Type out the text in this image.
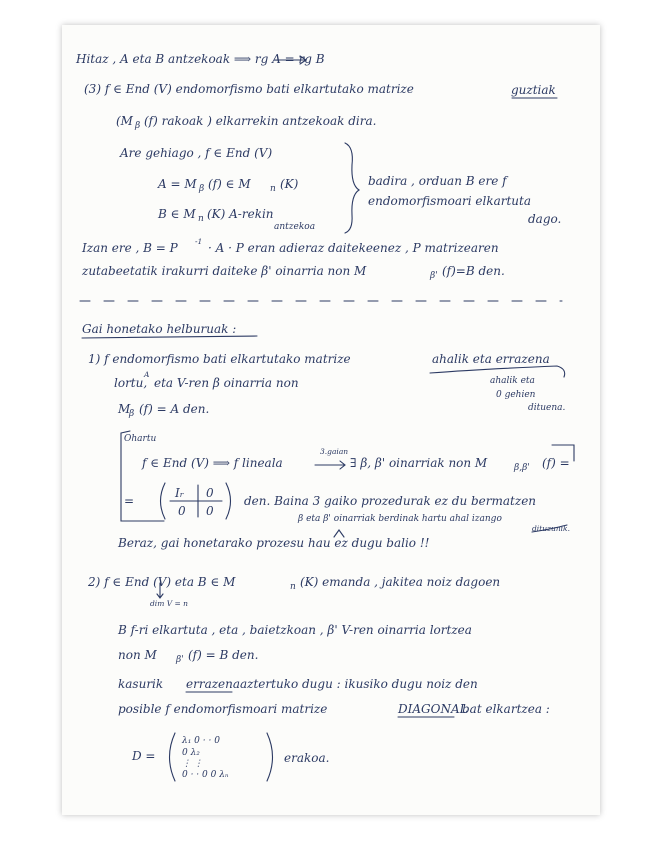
Hitaz , A eta B antzekoak ⟹ rg A = rg B
(3) f ∈ End (V) endomorfismo bati elkartutako matrize	guztiak
(M β (f) rakoak ) elkarrekin antzekoak dira.
Are gehiago , f ∈ End (V)
A = M β (f) ∈ M n (K)
B ∈ M n (K) A-rekin
antzekoa
badira , orduan B ere f
endomorfismoari elkartuta
dago.
Izan ere , B = P -1 · A · P eran adieraz daitekeenez , P matrizearen
zutabeetatik irakurri daiteke β' oinarria non M	β' (f)=B den.
Gai honetako helburuak :
1) f endomorfismo bati elkartutako matrize	ahalik eta errazena
lortu,
A
eta V-ren β oinarria non	ahalik eta
0 gehien
dituena.
M
β (f) = A den.
Ohartu
f ∈ End (V) ⟹ f lineala
3.gaian
∃ β, β' oinarriak non M	β,β' (f) =
=
Ir 0
0 0
den. Baina 3 gaiko prozedurak ez du bermatzen
β eta β' oinarriak berdinak hartu ahal izango
dituzunik.
Beraz, gai honetarako prozesu hau ez dugu balio !!
2) f ∈ End (V) eta B ∈ M	n (K) emanda , jakitea noiz dagoen
dim V = n
B f-ri elkartuta , eta , baietzkoan , β' V-ren oinarria lortzea
non M β' (f) = B den.
kasurik errazena aztertuko dugu : ikusiko dugu noiz den
posible f endomorfismoari matrize	DIAGONAL
bat elkartzea :
D =
λ₁ 0 · · 0
0 λ₂
⋮ ⋮
0 · · 0 0 λₙ
erakoa.
